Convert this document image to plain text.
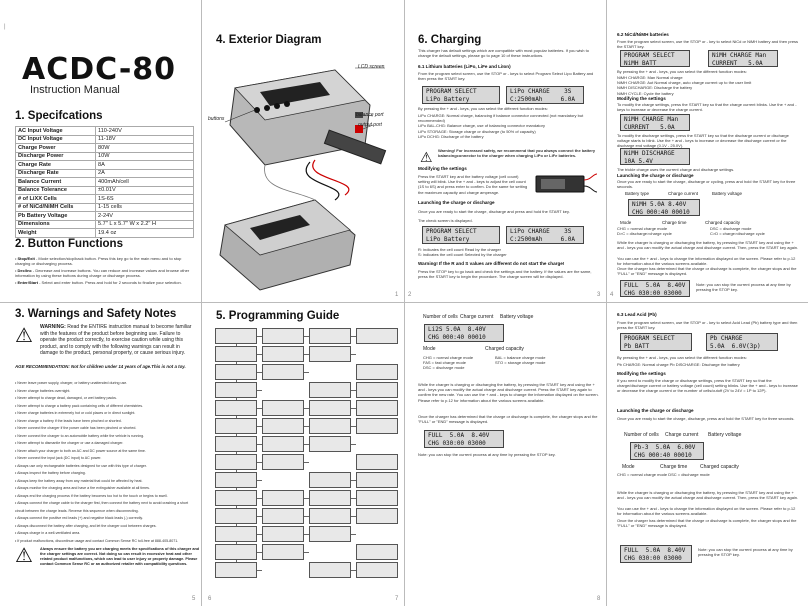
|
1 2	3 4
5 6	7	8
ACDC-80
Instruction Manual
1. Specifcations
AC Input Voltage	110-240V
DC Input Voltage	11-18V
Charge Power	80W
Discharge Power	10W
Charge Rate	8A
Discharge Rate	2A
Balance Current	400mAh/cell
Balance Tolerance	±0.01V
# of LiXX Cells	1S-6S
# of NiCd/NiMH Cells	1-15 cells
Pb Battery Voltage	2-24V
Dimensions	5.7" L x 5.7" W x 2.2" H
Weight	19.4 oz
2. Button Functions
• Stop/Exit - Mode selection/stop/back button. Press this key go to the main menu and to stop charging or discharging process.
• Dec/Inc - Decrease and increase buttons. You can reduce and increase values and browse other information by using these buttons during charge or discharge process.
• Enter/Start - Select and enter button. Press and hold for 2 seconds to finalize your selection.
3. Warnings and Safety Notes
⚠ WARNING: Read the ENTIRE instruction manual to become familiar with the features of the product before beginning use. Failure to operate the product correctly, to exercise caution while using this product, and to comply with the following warnings can result in damage to the product, personal property, or cause serious injury.
AGE RECOMMENDATION: Not for children under 14 years of age.This is not a toy.
• Never leave power supply, charger, or battery unattended during use.
• Never charge batteries overnight.
• Never attempt to charge dead, damaged, or wet battery packs.
• Never attempt to charge a battery pack containing cells of different chemistries.
• Never charge batteries in extremely hot or cold places or in direct sunlight.
• Never charge a battery if the leads have been pinched or shorted.
• Never connect the charger if the power cable has been pinched or shorted.
• Never connect the charger to an automobile battery while the vehicle is running.
• Never attempt to dismantle the charger or use a damaged charger.
• Never attach your charger to both an AC and DC power source at the same time.
• Never connect the input jack (DC input) to AC power.
• Always use only rechargeable batteries designed for use with this type of charger.
• Always inspect the battery before charging.
• Always keep the battery away from any material that could be affected by heat.
• Always monitor the charging area and have a fire extinguisher available at all times.
• Always end the charging process if the battery becomes too hot to the touch or begins to swell.
• Always connect the charge cable to the charger first, then connect the battery next to avoid crashing a short circuit between the charge leads. Reverse this sequence when disconnecting.
• Always connect the positive red leads (+) and negative black leads (-) correctly.
• Always disconnect the battery after charging, and let the charger cool between charges.
• Always charge in a well-ventilated area.
• If product malfunctions, discontinue usage and contact Common Sense RC toll-free at 888-405-8071.
⚠ Always ensure the battery you are charging meets the specifications of this charger and the charger settings are correct. Not doing so can result in excessive heat and other related product malfunctions, which can lead to user injury or property damage. Please contact Common Sense RC or an authorized retailer with compatibility questions.
4. Exterior Diagram
LCD screen
buttons
balance port
output port
5. Programming Guide
6. Charging
This charger has default settings which are compatible with most popular batteries. If you wish to change the default settings, please go to page 10 of these instructions.
6.1 Lithium batteries (LiPo, LiFe and LiIon)
From the program select screen, use the STOP or - keys to select Program Select Lipo Battery and then press the START key.
PROGRAM SELECT
LiPo Battery
LiPo CHARGE    3S
C:2500mAh     6.0A
By pressing the + and - keys, you can select the different function modes:
LiPo CHARGE: Normal charge, balancing if balance connector connected (not mandatory but recommended)
LiPo BAL-CHG: Balance charge, use of balancing connector mandatory
LiPo STORAGE: Storage charge or discharge (to 50% of capacity)
LiPo DCHG: Discharge of the battery
⚠ Warning! For increased safety, we recommend that you always connect the battery balancingconnector to the charger when charging LiPo or LiFe batteries.
Modifying the settings
Press the START key and the battery voltage (cell count) setting will blink. Use the + and - keys to adjust the cell count (1S to 6S) and press enter to confirm. Do the same for setting the maximum capacity and charge amperage.
Launching the charge or discharge
Once you are ready to start the charge, discharge and press and hold the START key.
The check screen is displayed.
PROGRAM SELECT
LiPo Battery
LiPo CHARGE    3S
C:2500mAh     6.0A
R: indicates the cell count Read by the charger
S: indicates the cell count Selected by the charger
Warning! If the R and S values are different do not start the charge!
Press the STOP key to go back and check the settings and the battery. If the values are the same, press the START key to begin the procedure. The charge screen will be displayed.
Number of cells Charge current Battery voltage
Li2S 5.0A  8.40V
CHG 000:40 00010
Mode	Charged capacity
CHG = normal charge mode
FAS = fast charge mode
DSC = discharge mode
BAL = balance charge mode
STO = storage charge mode
While the charger is charging or discharging the battery, by pressing the START key and using the + and - keys you can modify the actual charge and discharge current. Press the START key again to confirm the new rate. You can use the + and - keys to change the information displayed on the screen. Please refer to p.12 for information about the various screens available.
Once the charger has determined that the charge or discharge is complete, the charger stops and the "FULL" or "END" message is displayed.
FULL  5.0A  8.40V
CHG 030:00 03000
Note: you can stop the current process at any time by pressing the STOP key.
6.2 NiCd/NiMH batteries
From the program select screen, use the STOP or - key to select NiCd or NiMH battery and then press the START key.
PROGRAM SELECT
NiMH BATT
NiMH CHARGE Man
CURRENT   5.0A
By pressing the + and - keys, you can select the different function modes:
NiMH CHARGE: Man Normal charge
NiMH CHARGE: Aut Normal charge, auto charge current up to the user limit
NiMH DISCHARGE: Discharge the battery
NiMH CYCLE: Cycle the battery
Modifying the settings
To modify the charge settings, press the START key so that the charge current blinks. Use the + and - keys to increase or decrease the charge current.
NiMH CHARGE Man
CURRENT   5.0A
To modify the discharge settings, press the START key so that the discharge current or discharge voltage starts to blink. Use the + and - keys to increase or decrease the discharge current or the discharge end voltage (0.1V - 25.0V).
NiMH DISCHARGE
10A 5.4V
The trickle charge uses the current charge and discharge settings.
Launching the charge or discharge
Once you are ready to start the charge, discharge or cycling, press and hold the START key for three seconds.
Battery type	Charge current	Battery voltage
NiMH 5.0A 8.40V
CHG 000:40 00010
Mode	Charge time	Charged capacity
CHG = normal charge mode
D>C = discharge>charge cycle
DSC = discharge mode
C>D = charge>discharge cycle
While the charger is charging or discharging the battery, by pressing the START key and using the + and - keys you can modify the actual charge and discharge current. Then, press the START key again.
You can use the + and - keys to change the information displayed on the screen. Please refer to p.12 for information about the various screens available.
Once the charger has determined that the charge or discharge is complete, the charger stops and the "FULL" or "END" message is displayed.
FULL  5.0A  8.40V
CHG 030:00 03000
Note: you can stop the current process at any time by pressing the STOP key.
6.3 Lead Acid (Pb)
From the program select screen, use the STOP or - key to select Acid Lead (Pb) battery type and then press the START key.
PROGRAM SELECT
Pb BATT
Pb CHARGE
5.0A  6.0V(3p)
By pressing the + and - keys, you can select the different function modes:
Pb CHARGE: Normal charge Pb DISCHARGE: Discharge the battery
Modifying the settings
If you need to modify the charge or discharge settings, press the START key so that the charge/discharge current or battery voltage (cell count) setting blinks. Use the + and - keys to increase or decrease the charge current or the number of cells/cutoff (2V to 24V = 1P to 12P).
Launching the charge or discharge
Once you are ready to start the charge, discharge, press and hold the START key for three seconds.
Number of cells Charge current Battery voltage
Pb-3  5.0A  6.00V
CHG 000:40 00010
Mode	Charge time	Charged capacity
CHG = normal charge mode DSC = discharge mode
While the charger is charging or discharging the battery, by pressing the START key and using the + and - keys you can modify the actual charge and discharge current. Then, press the START key again.
You can use the + and - keys to change the information displayed on the screen. Please refer to p.12 for information about the various screens available.
Once the charger has determined that the charge or discharge is complete, the charger stops and the "FULL" or "END" message is displayed.
FULL  5.0A  8.40V
CHG 030:00 03000
Note: you can stop the current process at any time by pressing the STOP key.
